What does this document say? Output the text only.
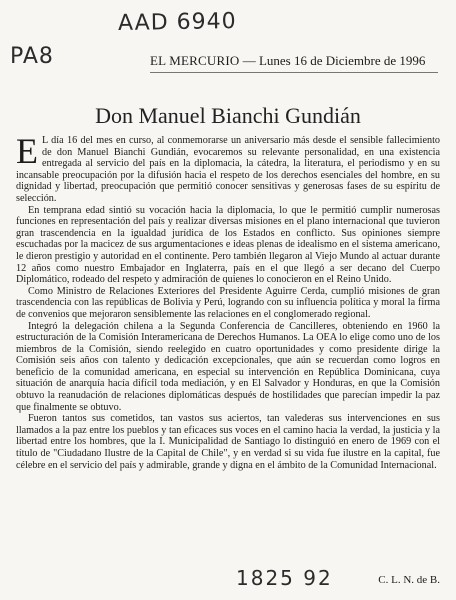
AAD 6940
PA8	EL MERCURIO — Lunes 16 de Diciembre de 1996
Don Manuel Bianchi Gundián

E L día 16 del mes en curso, al conmemorarse un aniversario más desde el sensible fallecimiento de don Manuel Bianchi Gundián, evocaremos su relevante personalidad, en una existencia entregada al servicio del país en la diplomacia, la cátedra, la literatura, el periodismo y en su incansable preocupación por la difusión hacia el respeto de los derechos esenciales del hombre, en su dignidad y libertad, preocupación que permitió conocer sensitivas y generosas fases de su espíritu de selección.

En temprana edad sintió su vocación hacia la diplomacia, lo que le permitió cumplir numerosas funciones en representación del país y realizar diversas misiones en el plano internacional que tuvieron gran trascendencia en la igualdad jurídica de los Estados en conflicto. Sus opiniones siempre escuchadas por la macicez de sus argumentaciones e ideas plenas de idealismo en el sistema americano, le dieron prestigio y autoridad en el continente. Pero también llegaron al Viejo Mundo al actuar durante 12 años como nuestro Embajador en Inglaterra, país en el que llegó a ser decano del Cuerpo Diplomático, rodeado del respeto y admiración de quienes lo conocieron en el Reino Unido.

Como Ministro de Relaciones Exteriores del Presidente Aguirre Cerda, cumplió misiones de gran trascendencia con las repúblicas de Bolivia y Perú, logrando con su influencia política y moral la firma de convenios que mejoraron sensiblemente las relaciones en el conglomerado regional.

Integró la delegación chilena a la Segunda Conferencia de Cancilleres, obteniendo en 1960 la estructuración de la Comisión Interamericana de Derechos Humanos. La OEA lo elige como uno de los miembros de la Comisión, siendo reelegido en cuatro oportunidades y como presidente dirige la Comisión seis años con talento y dedicación excepcionales, que aún se recuerdan como logros en beneficio de la comunidad americana, en especial su intervención en República Dominicana, cuya situación de anarquía hacía difícil toda mediación, y en El Salvador y Honduras, en que la Comisión obtuvo la reanudación de relaciones diplomáticas después de hostilidades que parecían impedir la paz que finalmente se obtuvo.

Fueron tantos sus cometidos, tan vastos sus aciertos, tan valederas sus intervenciones en sus llamados a la paz entre los pueblos y tan eficaces sus voces en el camino hacia la verdad, la justicia y la libertad entre los hombres, que la I. Municipalidad de Santiago lo distinguió en enero de 1969 con el título de "Ciudadano Ilustre de la Capital de Chile", y en verdad si su vida fue ilustre en la capital, fue célebre en el servicio del país y admirable, grande y digna en el ámbito de la Comunidad Internacional.

1825 92	C. L. N. de B.
